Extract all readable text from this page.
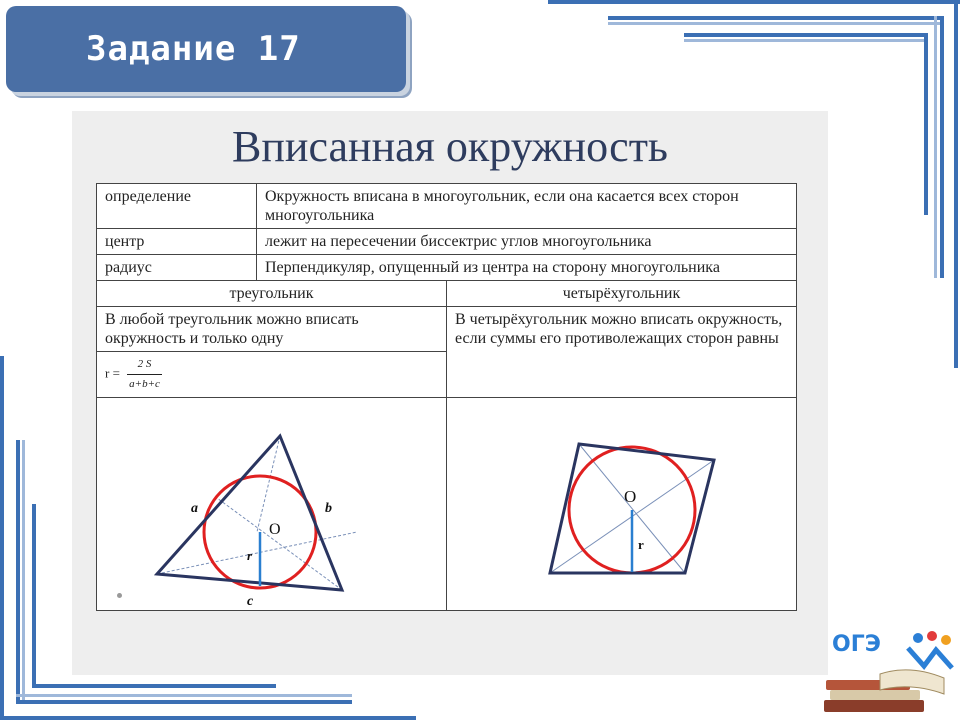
Задание 17
Вписанная окружность
определение	Окружность вписана в многоугольник, если она касается всех сторон многоугольника	
центр	лежит на пересечении биссектрис углов многоугольника	
радиус	Перпендикуляр, опущенный из центра на сторону многоугольника	
треугольник		четырёхугольник
В любой треугольник можно вписать окружность и только одну		В четырёхугольник можно вписать окружность, если суммы его противолежащих сторон равны
$r = \frac{2 S}{a+b+c}$

a b
c
O
r		O
r
ОГЭ
